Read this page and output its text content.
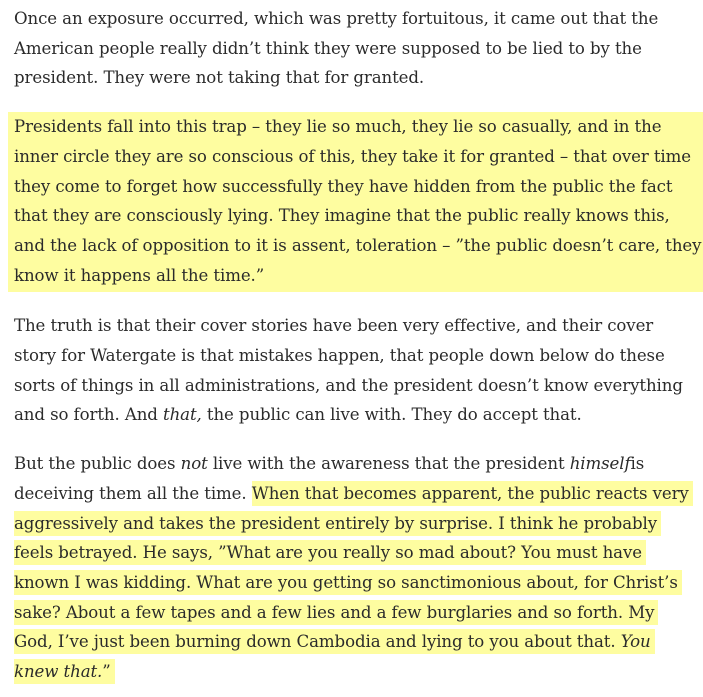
Once an exposure occurred, which was pretty fortuitous, it came out that the American people really didn’t think they were supposed to be lied to by the president. They were not taking that for granted.

Presidents fall into this trap – they lie so much, they lie so casually, and in the inner circle they are so conscious of this, they take it for granted – that over time they come to forget how successfully they have hidden from the public the fact that they are consciously lying. They imagine that the public really knows this, and the lack of opposition to it is assent, toleration – ”the public doesn’t care, they know it happens all the time.”

The truth is that their cover stories have been very effective, and their cover story for Watergate is that mistakes happen, that people down below do these sorts of things in all administrations, and the president doesn’t know everything and so forth. And that, the public can live with. They do accept that.

But the public does not live with the awareness that the president himselfis deceiving them all the time. When that becomes apparent, the public reacts very aggressively and takes the president entirely by surprise. I think he probably feels betrayed. He says, ”What are you really so mad about? You must have known I was kidding. What are you getting so sanctimonious about, for Christ’s sake? About a few tapes and a few lies and a few burglaries and so forth. My God, I’ve just been burning down Cambodia and lying to you about that. You knew that.”
